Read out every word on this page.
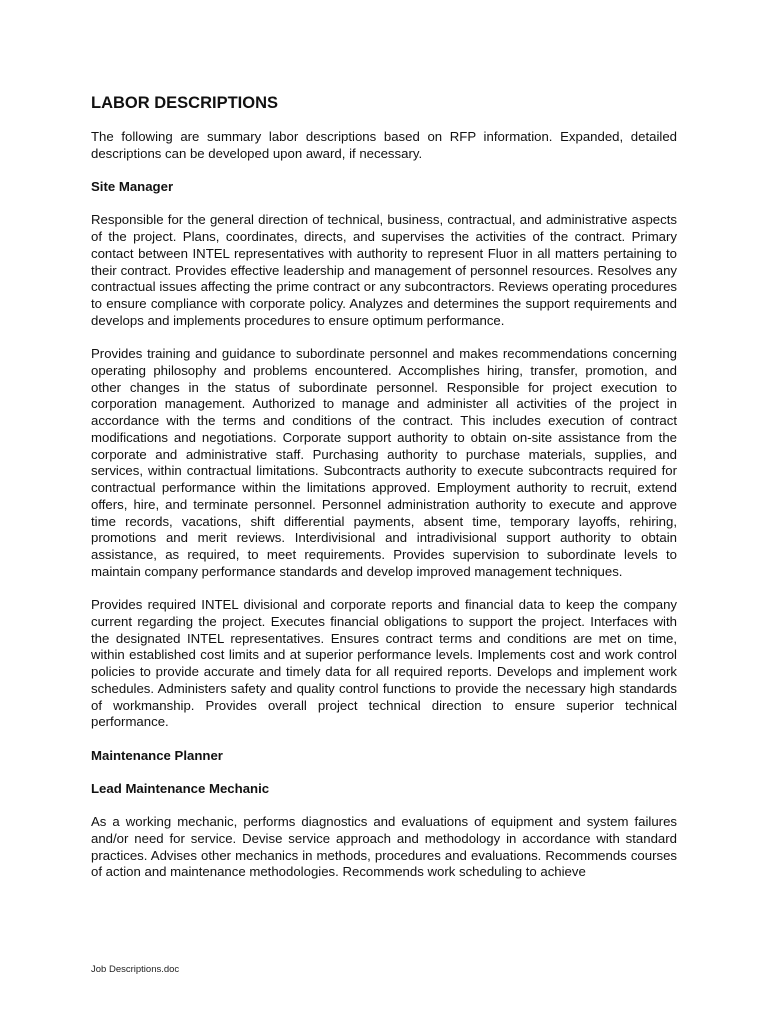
LABOR DESCRIPTIONS

The following are summary labor descriptions based on RFP information. Expanded, detailed descriptions can be developed upon award, if necessary.

Site Manager

Responsible for the general direction of technical, business, contractual, and administrative aspects of the project. Plans, coordinates, directs, and supervises the activities of the contract. Primary contact between INTEL representatives with authority to represent Fluor in all matters pertaining to their contract. Provides effective leadership and management of personnel resources. Resolves any contractual issues affecting the prime contract or any subcontractors. Reviews operating procedures to ensure compliance with corporate policy. Analyzes and determines the support requirements and develops and implements procedures to ensure optimum performance.

Provides training and guidance to subordinate personnel and makes recommendations concerning operating philosophy and problems encountered. Accomplishes hiring, transfer, promotion, and other changes in the status of subordinate personnel. Responsible for project execution to corporation management. Authorized to manage and administer all activities of the project in accordance with the terms and conditions of the contract. This includes execution of contract modifications and negotiations. Corporate support authority to obtain on-site assistance from the corporate and administrative staff. Purchasing authority to purchase materials, supplies, and services, within contractual limitations. Subcontracts authority to execute subcontracts required for contractual performance within the limitations approved. Employment authority to recruit, extend offers, hire, and terminate personnel. Personnel administration authority to execute and approve time records, vacations, shift differential payments, absent time, temporary layoffs, rehiring, promotions and merit reviews. Interdivisional and intradivisional support authority to obtain assistance, as required, to meet requirements. Provides supervision to subordinate levels to maintain company performance standards and develop improved management techniques.

Provides required INTEL divisional and corporate reports and financial data to keep the company current regarding the project. Executes financial obligations to support the project. Interfaces with the designated INTEL representatives. Ensures contract terms and conditions are met on time, within established cost limits and at superior performance levels. Implements cost and work control policies to provide accurate and timely data for all required reports. Develops and implement work schedules. Administers safety and quality control functions to provide the necessary high standards of workmanship. Provides overall project technical direction to ensure superior technical performance.

Maintenance Planner
Lead Maintenance Mechanic

As a working mechanic, performs diagnostics and evaluations of equipment and system failures and/or need for service. Devise service approach and methodology in accordance with standard practices. Advises other mechanics in methods, procedures and evaluations. Recommends courses of action and maintenance methodologies. Recommends work scheduling to achieve

Job Descriptions.doc
